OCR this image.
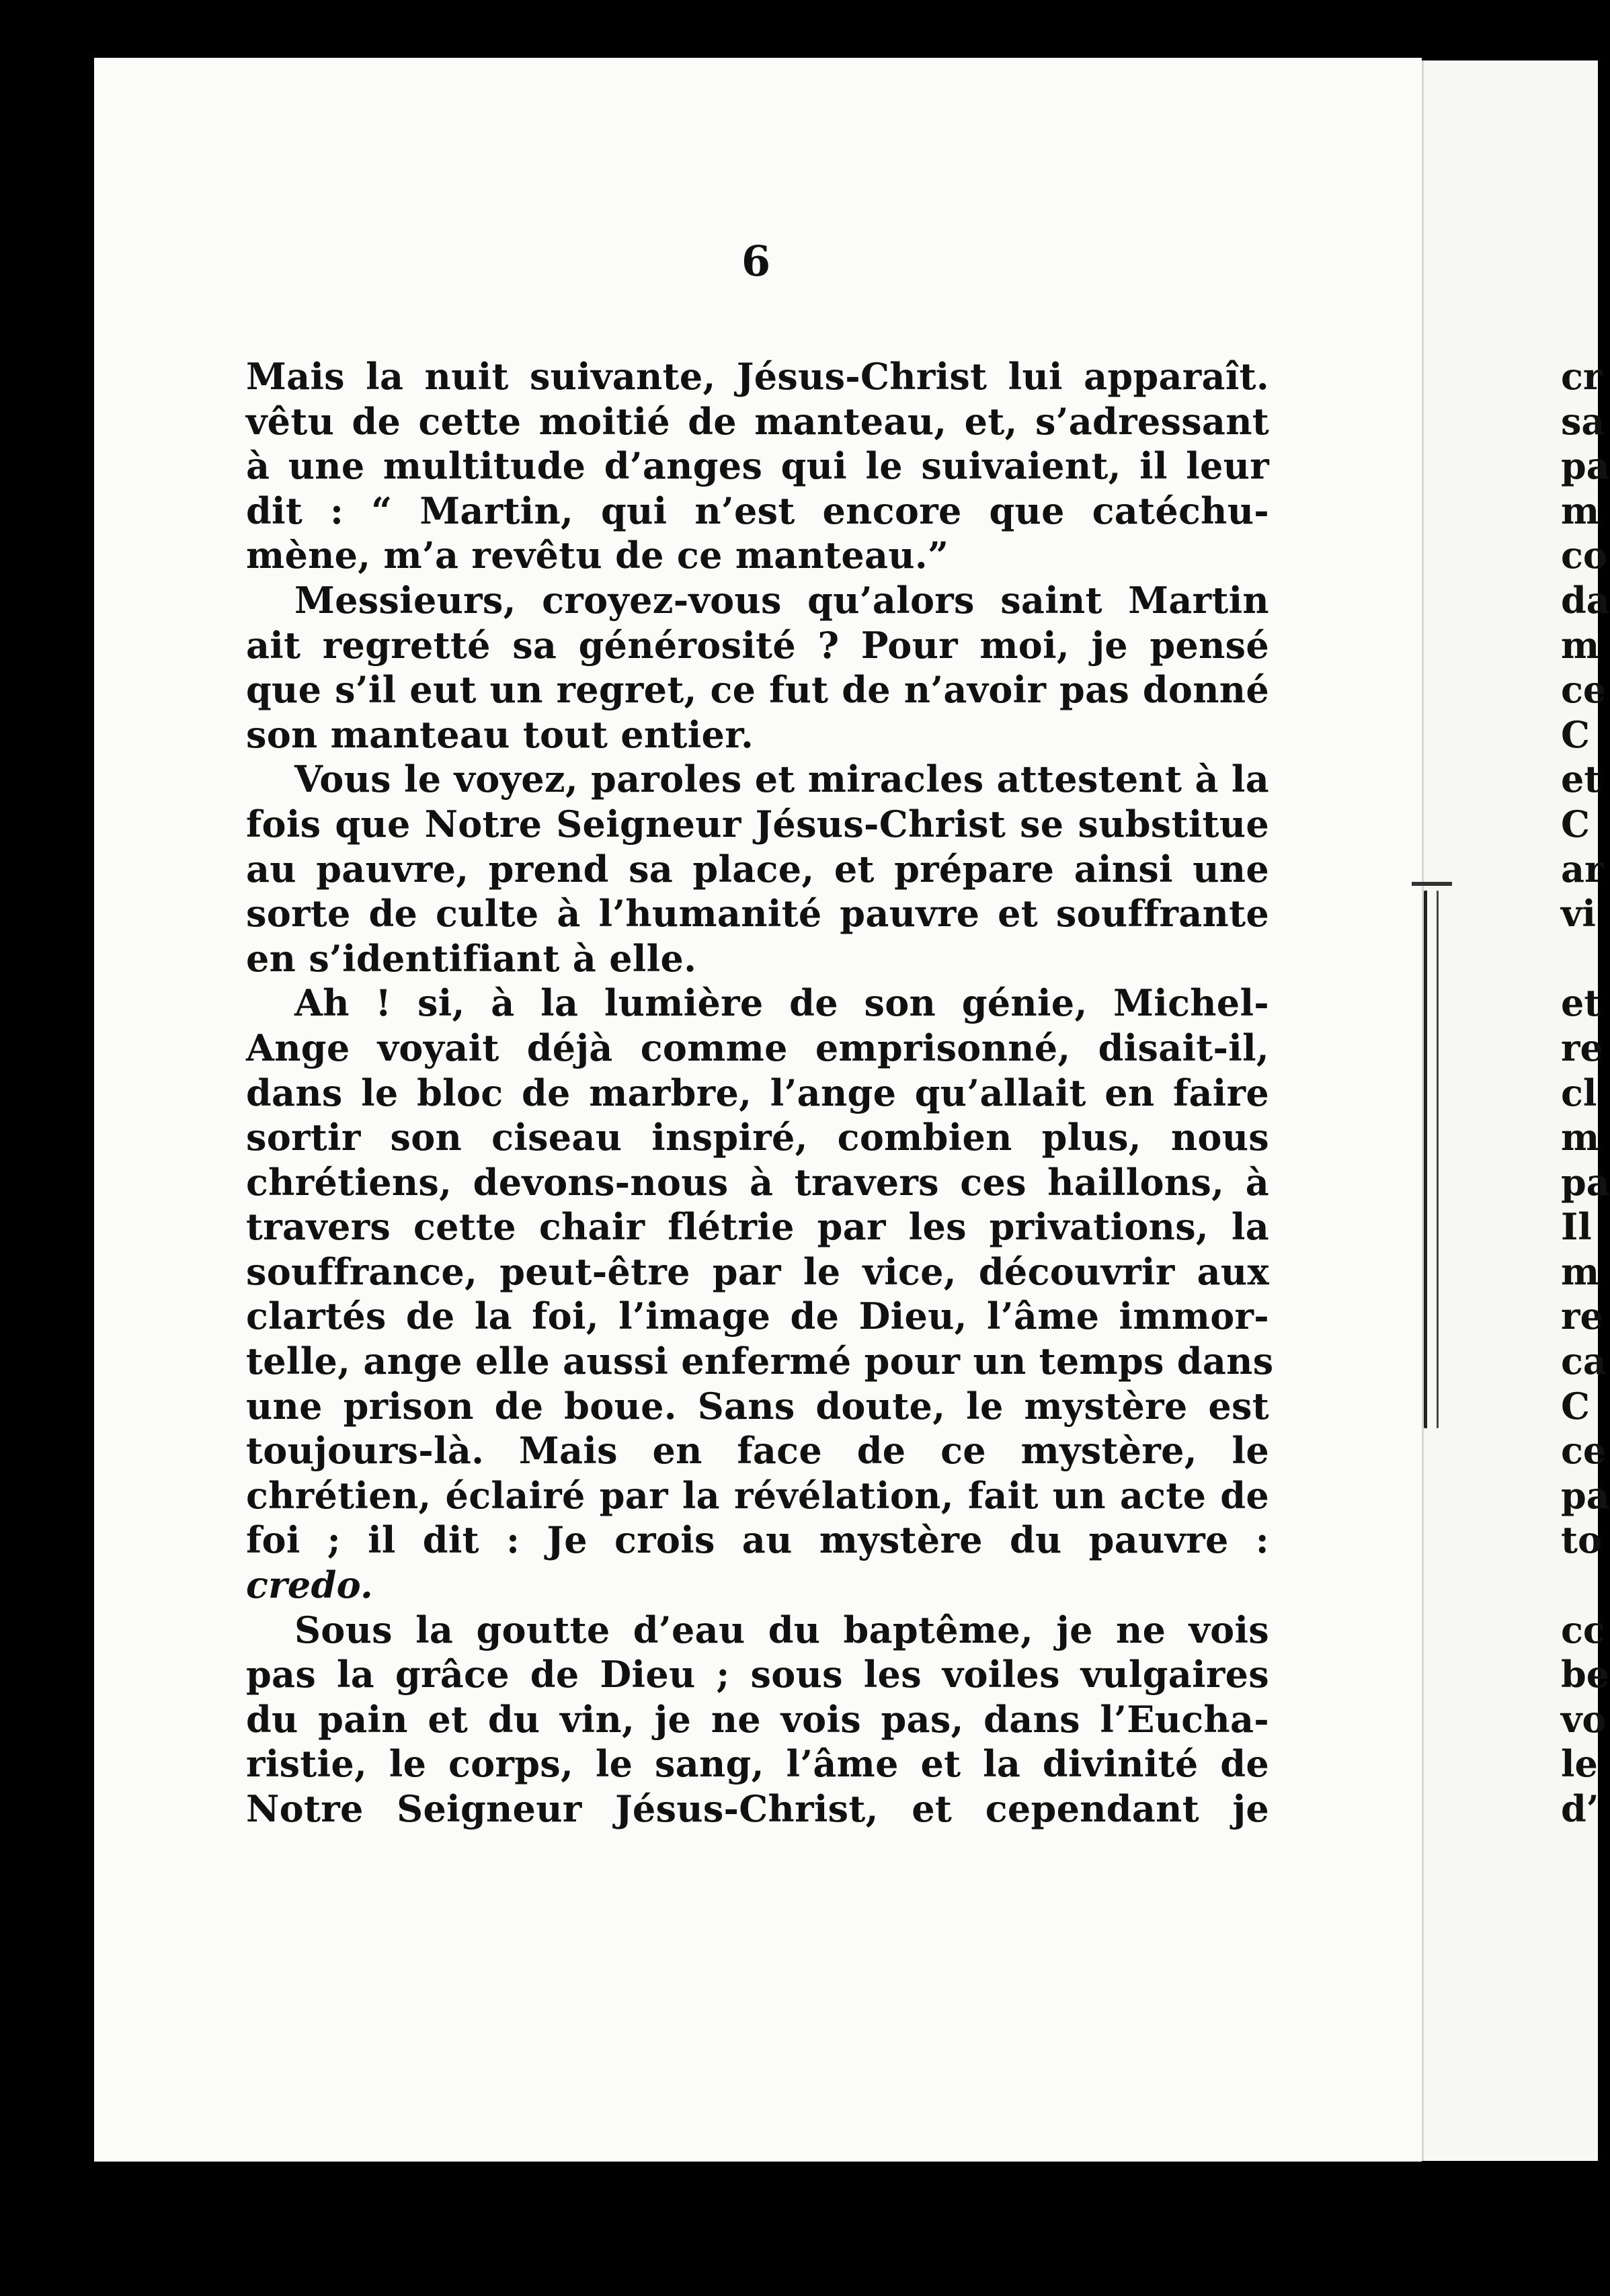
6
Mais la nuit suivante, Jésus-Christ lui apparaît.
vêtu de cette moitié de manteau, et, s’adressant
à une multitude d’anges qui le suivaient, il leur
dit : “ Martin, qui n’est encore que catéchu-
mène, m’a revêtu de ce manteau.”
Messieurs, croyez-vous qu’alors saint Martin
ait regretté sa générosité ? Pour moi, je pensé
que s’il eut un regret, ce fut de n’avoir pas donné
son manteau tout entier.
Vous le voyez, paroles et miracles attestent à la
fois que Notre Seigneur Jésus-Christ se substitue
au pauvre, prend sa place, et prépare ainsi une
sorte de culte à l’humanité pauvre et souffrante
en s’identifiant à elle.
Ah ! si, à la lumière de son génie, Michel-
Ange voyait déjà comme emprisonné, disait-il,
dans le bloc de marbre, l’ange qu’allait en faire
sortir son ciseau inspiré, combien plus, nous
chrétiens, devons-nous à travers ces haillons, à
travers cette chair flétrie par les privations, la
souffrance, peut-être par le vice, découvrir aux
clartés de la foi, l’image de Dieu, l’âme immor-
telle, ange elle aussi enfermé pour un temps dans
une prison de boue. Sans doute, le mystère est
toujours-là. Mais en face de ce mystère, le
chrétien, éclairé par la révélation, fait un acte de
foi ; il dit : Je crois au mystère du pauvre :
credo.
Sous la goutte d’eau du baptême, je ne vois
pas la grâce de Dieu ; sous les voiles vulgaires
du pain et du vin, je ne vois pas, dans l’Eucha-
ristie, le corps, le sang, l’âme et la divinité de
Notre Seigneur Jésus-Christ, et cependant je
cr
sa
pa
m
co
da
m
ce
C
et
C
ar
vi
et
re
cl
m
pa
Il
m
re
ca
C
ce
pa
to
cc
be
vo
le
d’
